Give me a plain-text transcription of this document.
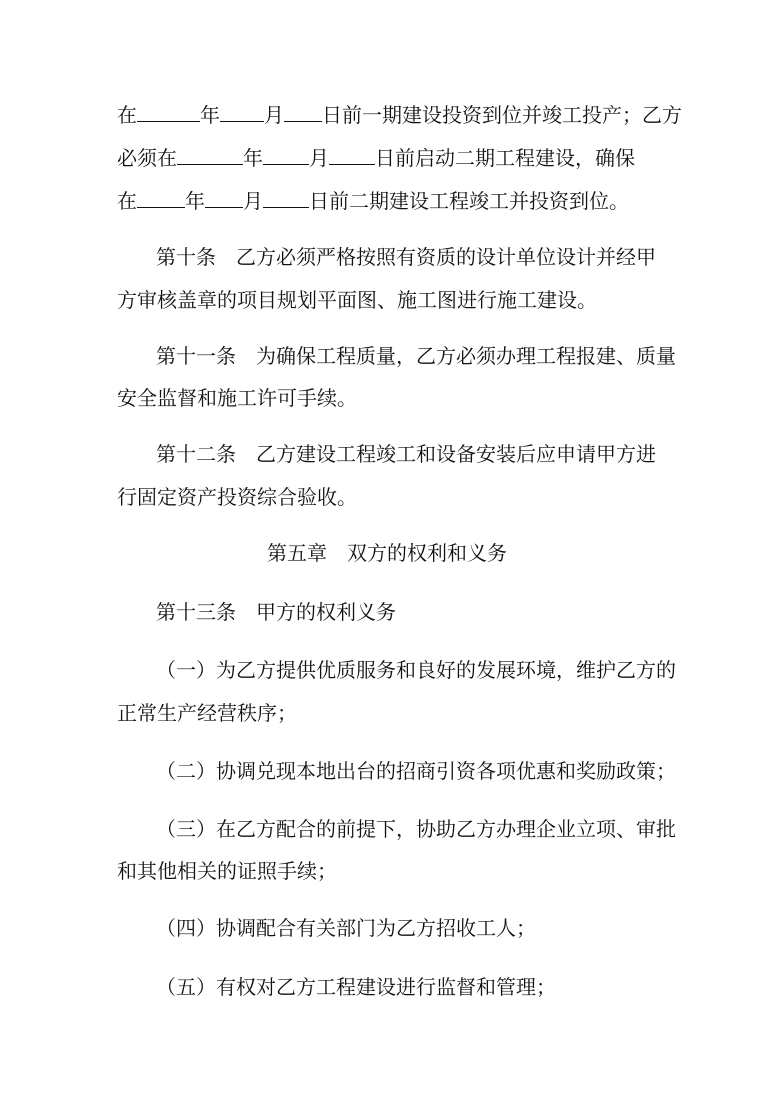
在	年 月 日前一期建设投资到位并竣工投产；乙方
必须在	年 月 日前启动二期工程建设，确保
在 年 月 日前二期建设工程竣工并投资到位。
第十条　乙方必须严格按照有资质的设计单位设计并经甲
方审核盖章的项目规划平面图、施工图进行施工建设。
第十一条　为确保工程质量，乙方必须办理工程报建、质量
安全监督和施工许可手续。
第十二条　乙方建设工程竣工和设备安装后应申请甲方进
行固定资产投资综合验收。
第五章　双方的权利和义务
第十三条　甲方的权利义务
（一）为乙方提供优质服务和良好的发展环境，维护乙方的
正常生产经营秩序；
（二）协调兑现本地出台的招商引资各项优惠和奖励政策；
（三）在乙方配合的前提下，协助乙方办理企业立项、审批
和其他相关的证照手续；
（四）协调配合有关部门为乙方招收工人；
（五）有权对乙方工程建设进行监督和管理；
